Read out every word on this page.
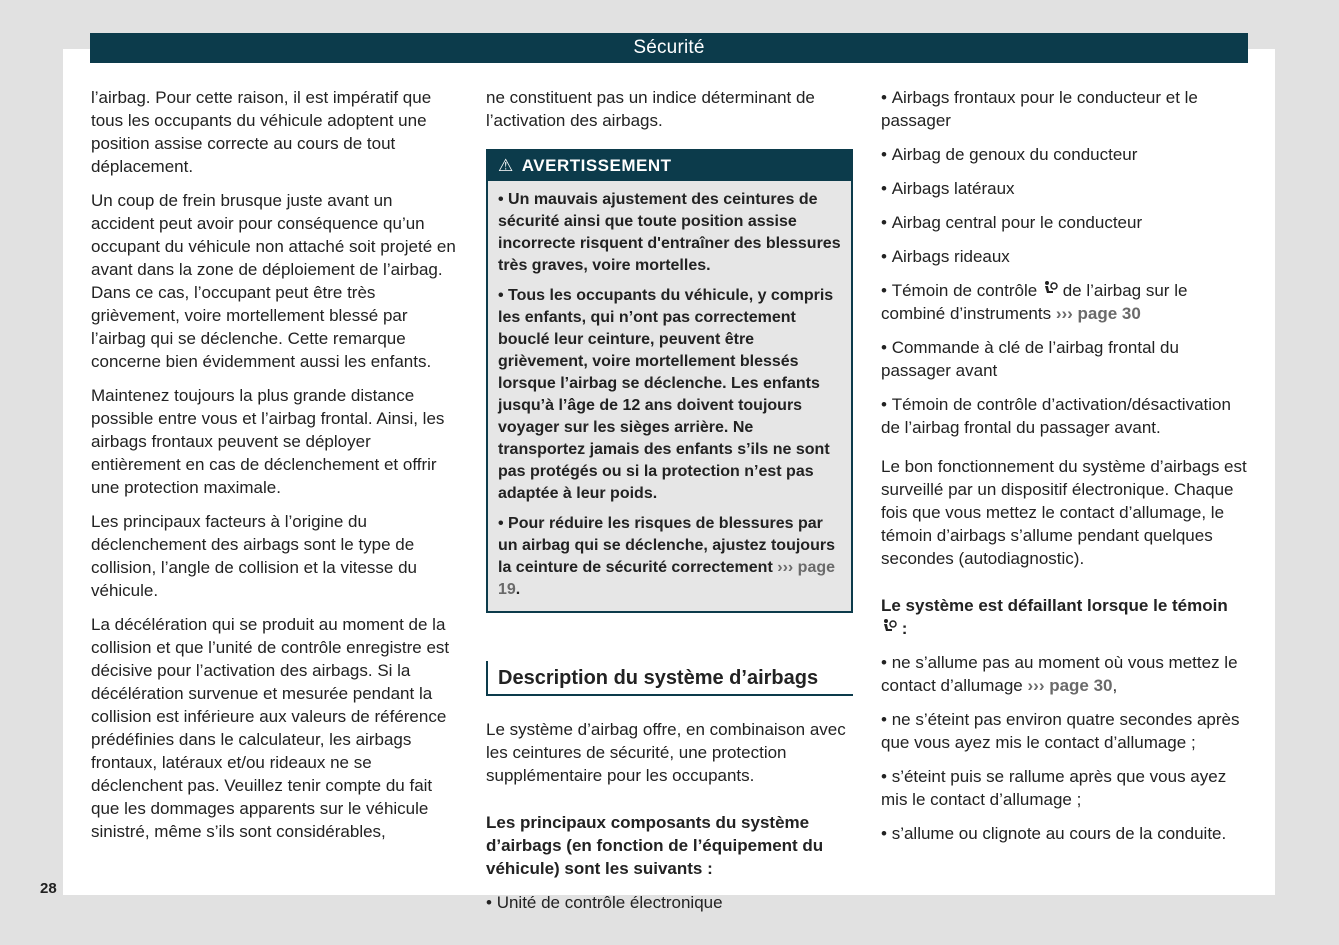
Sécurité

l’airbag. Pour cette raison, il est impératif que tous les occupants du véhicule adoptent une position assise correcte au cours de tout déplacement.

Un coup de frein brusque juste avant un accident peut avoir pour conséquence qu’un occupant du véhicule non attaché soit projeté en avant dans la zone de déploiement de l’airbag. Dans ce cas, l’occupant peut être très grièvement, voire mortellement blessé par l’airbag qui se déclenche. Cette remarque concerne bien évidemment aussi les enfants.

Maintenez toujours la plus grande distance possible entre vous et l’airbag frontal. Ainsi, les airbags frontaux peuvent se déployer entièrement en cas de déclenchement et offrir une protection maximale.

Les principaux facteurs à l’origine du déclenchement des airbags sont le type de collision, l’angle de collision et la vitesse du véhicule.

La décélération qui se produit au moment de la collision et que l’unité de contrôle enregistre est décisive pour l’activation des airbags. Si la décélération survenue et mesurée pendant la collision est inférieure aux valeurs de référence prédéfinies dans le calculateur, les airbags frontaux, latéraux et/ou rideaux ne se déclenchent pas. Veuillez tenir compte du fait que les dommages apparents sur le véhicule sinistré, même s’ils sont considérables,

ne constituent pas un indice déterminant de l’activation des airbags.

⚠ AVERTISSEMENT

• Un mauvais ajustement des ceintures de sécurité ainsi que toute position assise incorrecte risquent d'entraîner des blessures très graves, voire mortelles.

• Tous les occupants du véhicule, y compris les enfants, qui n’ont pas correctement bouclé leur ceinture, peuvent être grièvement, voire mortellement blessés lorsque l’airbag se déclenche. Les enfants jusqu’à l’âge de 12 ans doivent toujours voyager sur les sièges arrière. Ne transportez jamais des enfants s’ils ne sont pas protégés ou si la protection n’est pas adaptée à leur poids.

• Pour réduire les risques de blessures par un airbag qui se déclenche, ajustez toujours la ceinture de sécurité correctement ››› page 19.

Description du système d’airbags

Le système d’airbag offre, en combinaison avec les ceintures de sécurité, une protection supplémentaire pour les occupants.

Les principaux composants du système d’airbags (en fonction de l’équipement du véhicule) sont les suivants :

• Unité de contrôle électronique

• Airbags frontaux pour le conducteur et le passager

• Airbag de genoux du conducteur

• Airbags latéraux

• Airbag central pour le conducteur

• Airbags rideaux

• Témoin de contrôle de l’airbag sur le combiné d’instruments ››› page 30

• Commande à clé de l’airbag frontal du passager avant

• Témoin de contrôle d’activation/désactivation de l’airbag frontal du passager avant.

Le bon fonctionnement du système d’airbags est surveillé par un dispositif électronique. Chaque fois que vous mettez le contact d’allumage, le témoin d’airbags s’allume pendant quelques secondes (autodiagnostic).

Le système est défaillant lorsque le témoin
:

• ne s’allume pas au moment où vous mettez le contact d’allumage ››› page 30,

• ne s’éteint pas environ quatre secondes après que vous ayez mis le contact d’allumage ;

• s’éteint puis se rallume après que vous ayez mis le contact d’allumage ;

• s’allume ou clignote au cours de la conduite.

28
